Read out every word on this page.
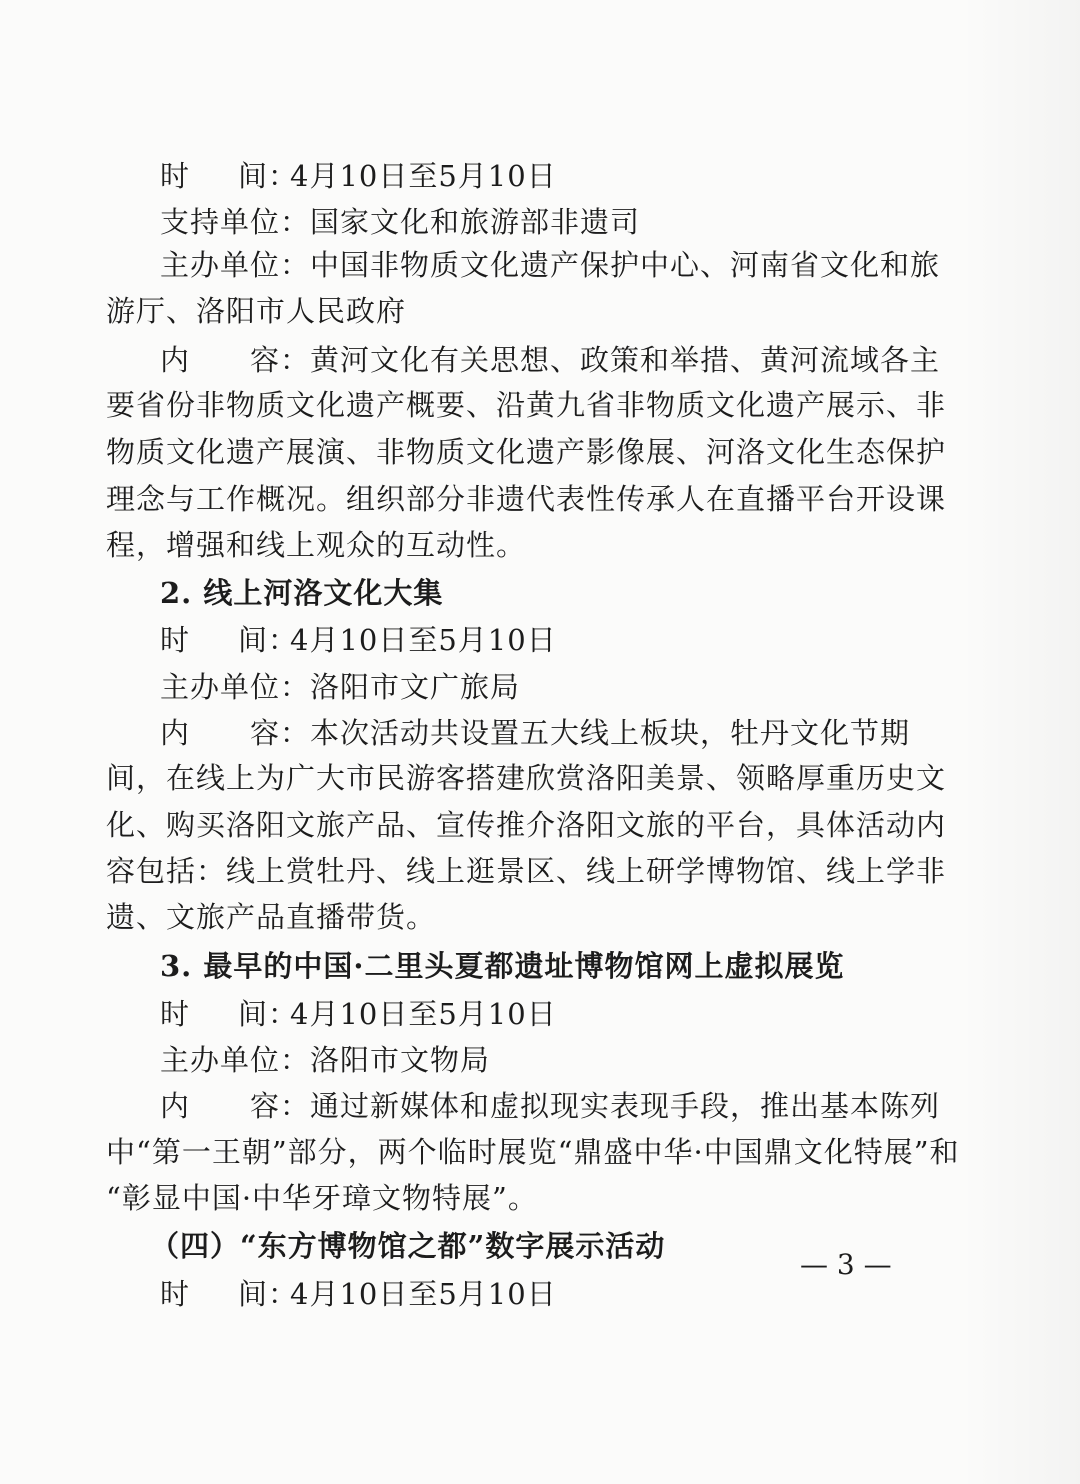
时 间：4月10日至5月10日
支持单位：国家文化和旅游部非遗司
主办单位：中国非物质文化遗产保护中心、河南省文化和旅
游厅、洛阳市人民政府
内　　容：黄河文化有关思想、政策和举措、黄河流域各主
要省份非物质文化遗产概要、沿黄九省非物质文化遗产展示、非
物质文化遗产展演、非物质文化遗产影像展、河洛文化生态保护
理念与工作概况。组织部分非遗代表性传承人在直播平台开设课
程，增强和线上观众的互动性。
2. 线上河洛文化大集
时 间：4月10日至5月10日
主办单位：洛阳市文广旅局
内　　容：本次活动共设置五大线上板块，牡丹文化节期
间，在线上为广大市民游客搭建欣赏洛阳美景、领略厚重历史文
化、购买洛阳文旅产品、宣传推介洛阳文旅的平台，具体活动内
容包括：线上赏牡丹、线上逛景区、线上研学博物馆、线上学非
遗、文旅产品直播带货。
3. 最早的中国·二里头夏都遗址博物馆网上虚拟展览
时 间：4月10日至5月10日
主办单位：洛阳市文物局
内　　容：通过新媒体和虚拟现实表现手段，推出基本陈列
中“第一王朝”部分，两个临时展览“鼎盛中华·中国鼎文化特展”和
“彰显中国·中华牙璋文物特展”。
（四）“东方博物馆之都”数字展示活动
时 间：4月10日至5月10日
— 3 —
